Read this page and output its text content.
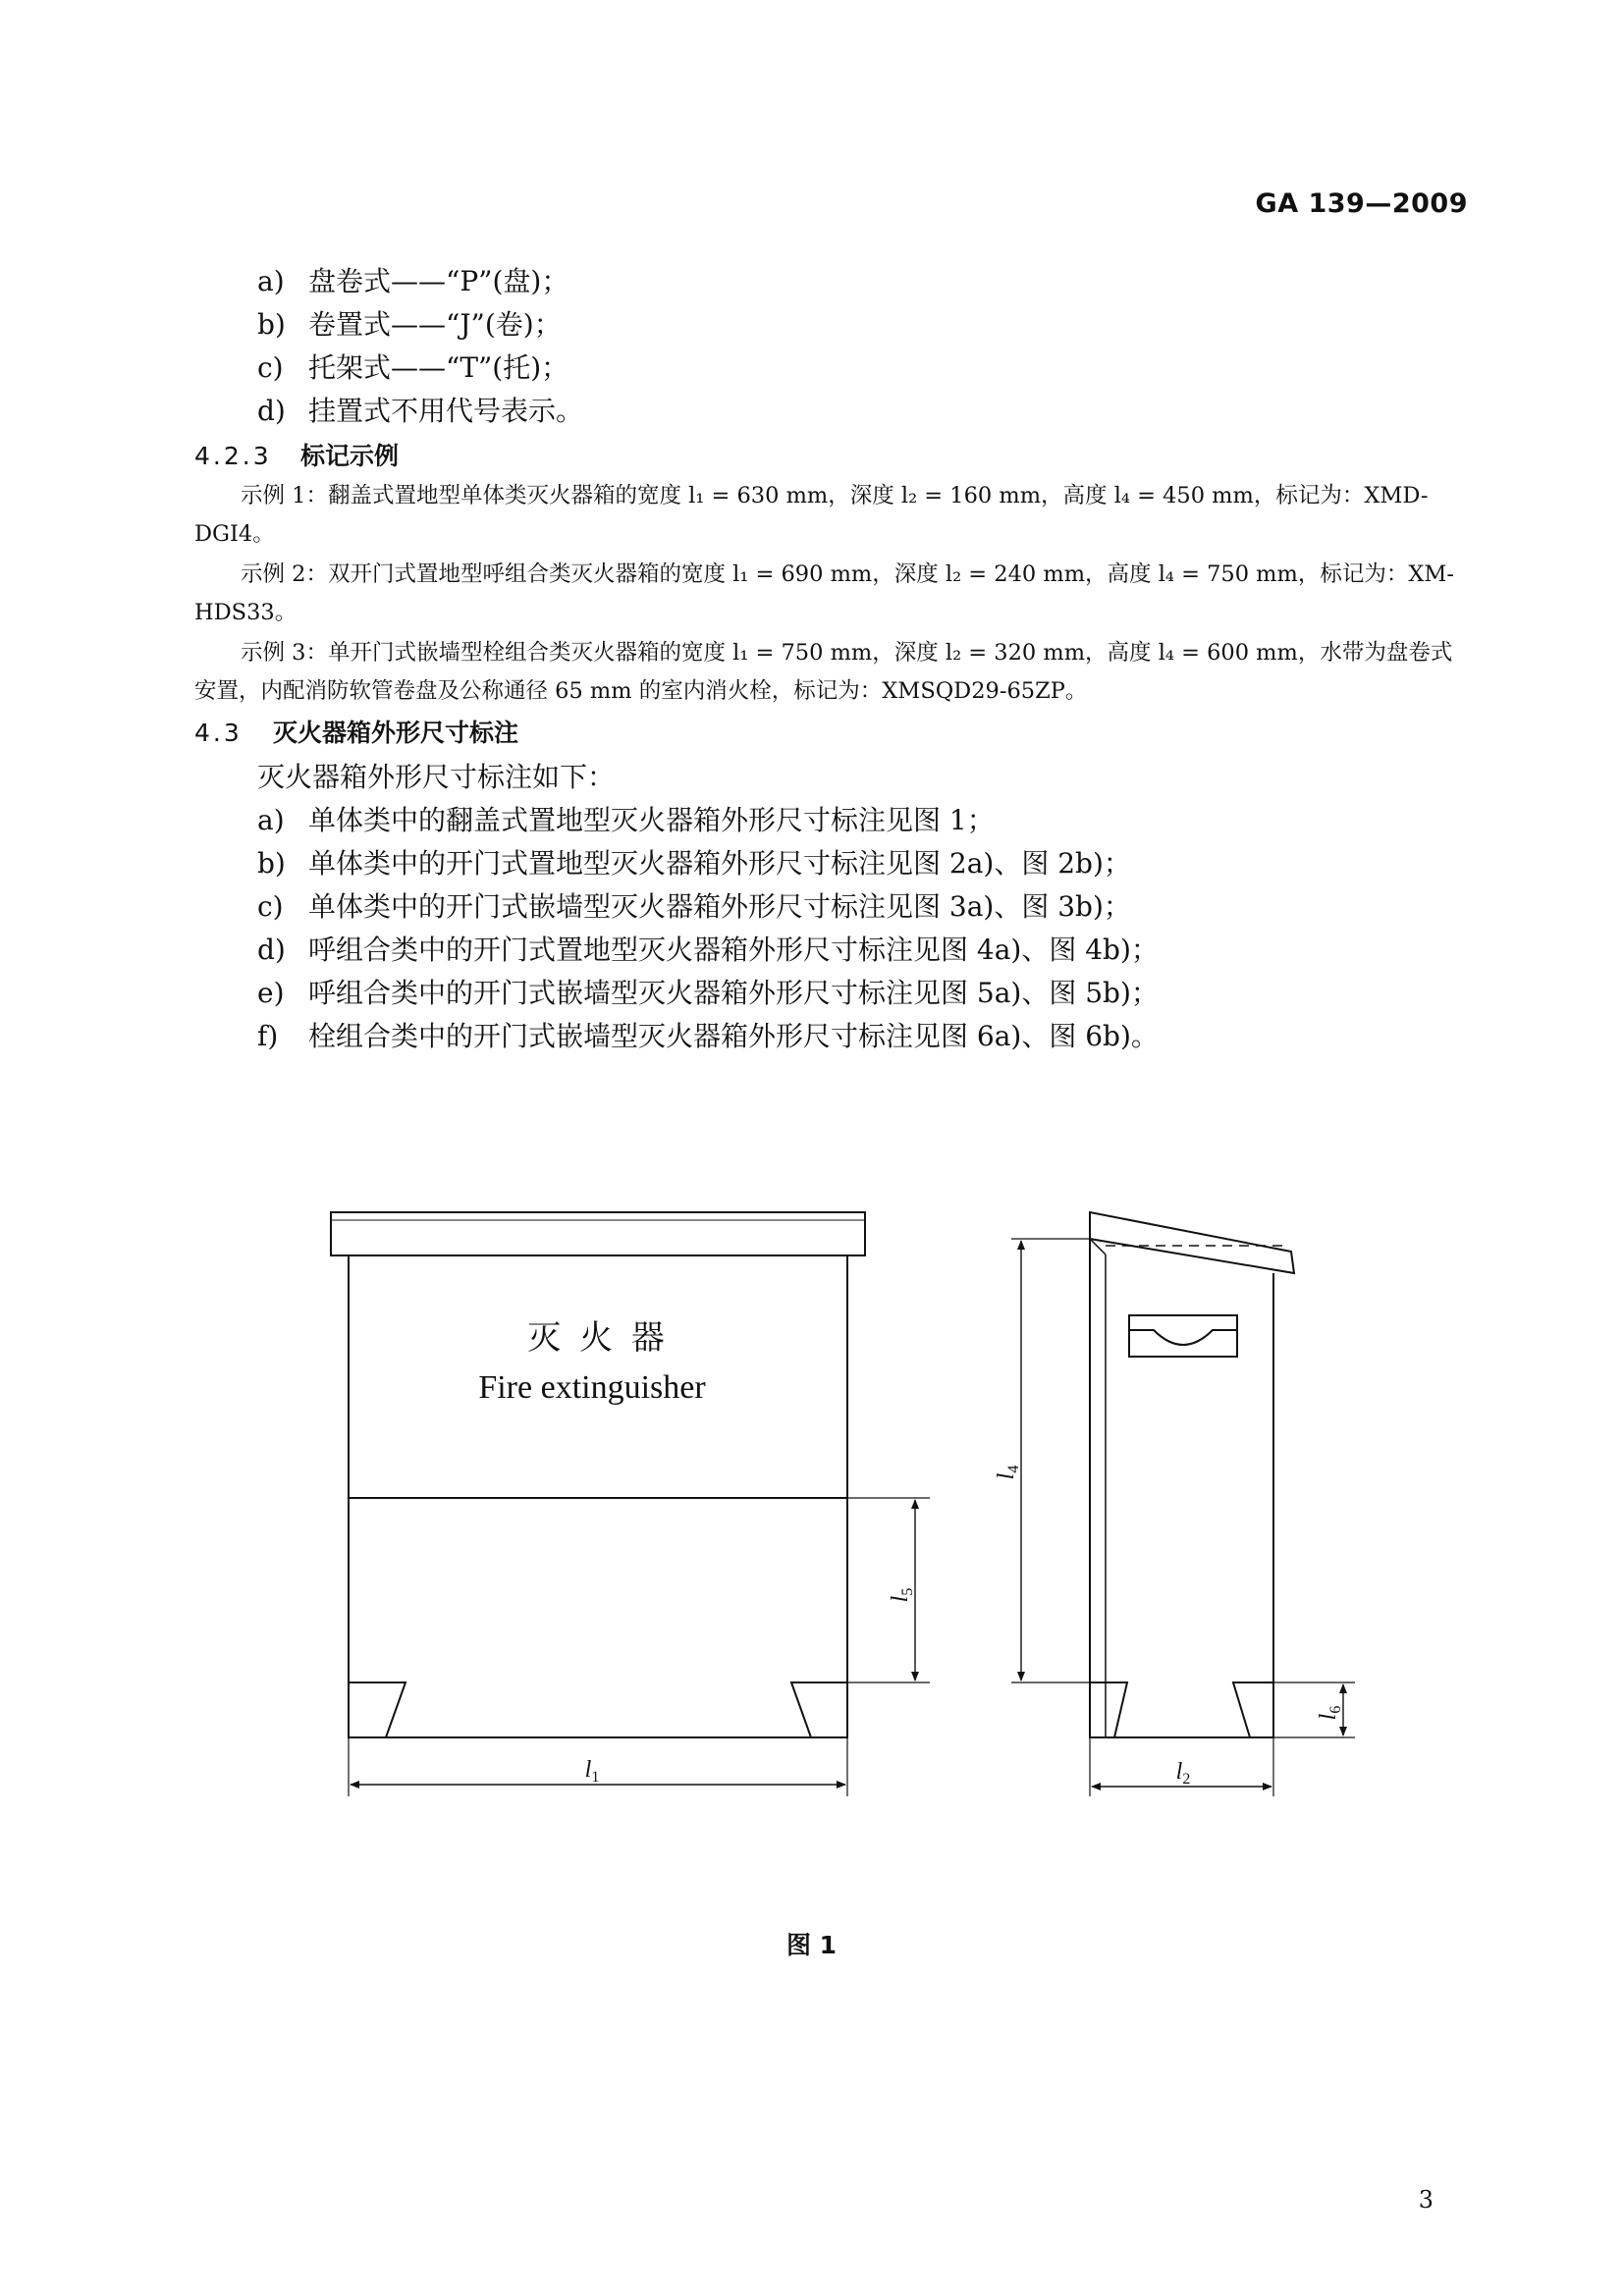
GA 139—2009
a) 盘卷式——“P”(盘)；
b) 卷置式——“J”(卷)；
c) 托架式——“T”(托)；
d) 挂置式不用代号表示。
4.2.3 标记示例
示例 1：翻盖式置地型单体类灭火器箱的宽度 l₁ = 630 mm，深度 l₂ = 160 mm，高度 l₄ = 450 mm，标记为：XMD-
DGI4。
示例 2：双开门式置地型呼组合类灭火器箱的宽度 l₁ = 690 mm，深度 l₂ = 240 mm，高度 l₄ = 750 mm，标记为：XM-
HDS33。
示例 3：单开门式嵌墙型栓组合类灭火器箱的宽度 l₁ = 750 mm，深度 l₂ = 320 mm，高度 l₄ = 600 mm，水带为盘卷式
安置，内配消防软管卷盘及公称通径 65 mm 的室内消火栓，标记为：XMSQD29-65ZP。
4.3 灭火器箱外形尺寸标注
灭火器箱外形尺寸标注如下：
a) 单体类中的翻盖式置地型灭火器箱外形尺寸标注见图 1；
b) 单体类中的开门式置地型灭火器箱外形尺寸标注见图 2a)、图 2b)；
c) 单体类中的开门式嵌墙型灭火器箱外形尺寸标注见图 3a)、图 3b)；
d) 呼组合类中的开门式置地型灭火器箱外形尺寸标注见图 4a)、图 4b)；
e) 呼组合类中的开门式嵌墙型灭火器箱外形尺寸标注见图 5a)、图 5b)；
f) 栓组合类中的开门式嵌墙型灭火器箱外形尺寸标注见图 6a)、图 6b)。
灭 火 器
Fire extinguisher
$l_1$	$l_2$
$l_4$
$l_5$
$l_6$
图 1
3
